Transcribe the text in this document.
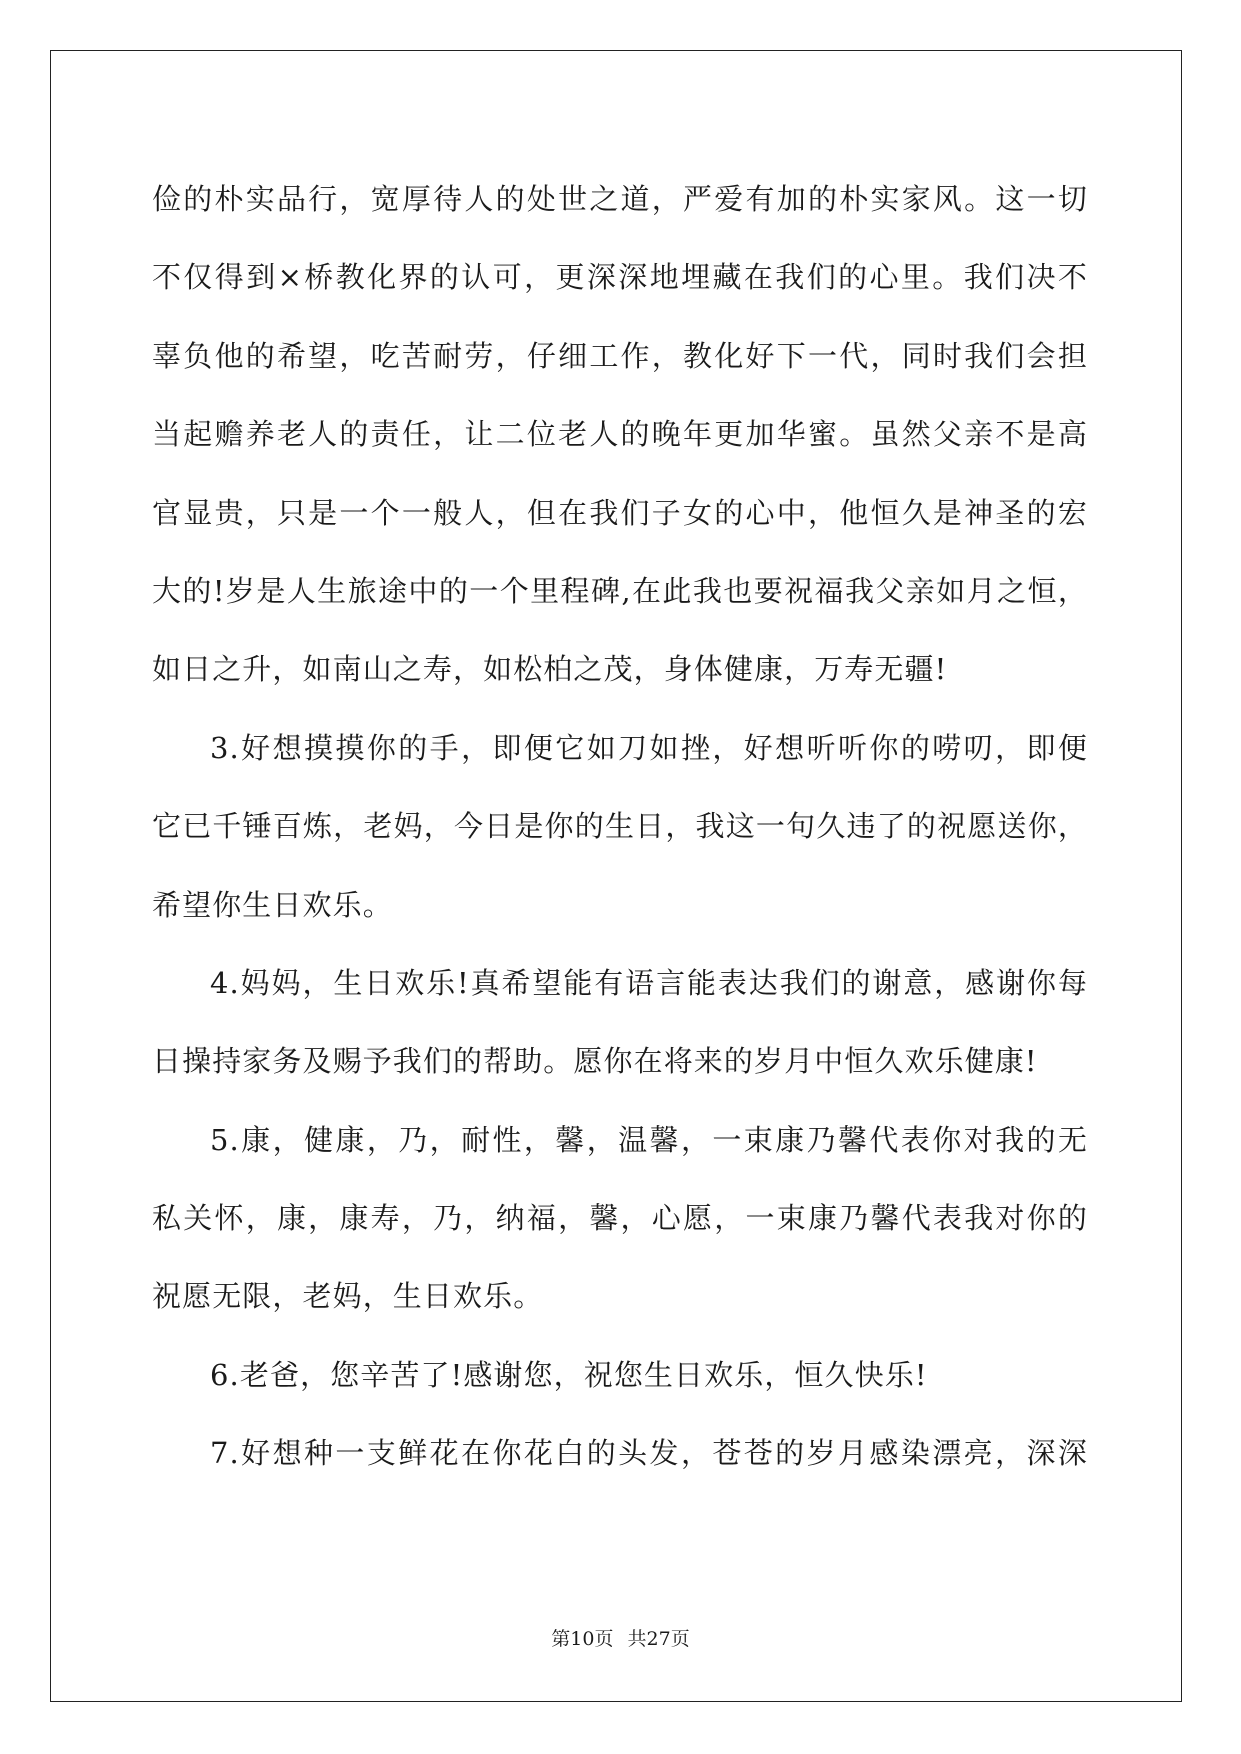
俭的朴实品行，宽厚待人的处世之道，严爱有加的朴实家风。这一切
不仅得到×桥教化界的认可，更深深地埋藏在我们的心里。我们决不
辜负他的希望，吃苦耐劳，仔细工作，教化好下一代，同时我们会担
当起赡养老人的责任，让二位老人的晚年更加华蜜。虽然父亲不是高
官显贵，只是一个一般人，但在我们子女的心中，他恒久是神圣的宏
大的!岁是人生旅途中的一个里程碑,在此我也要祝福我父亲如月之恒，
如日之升，如南山之寿，如松柏之茂，身体健康，万寿无疆!
3.好想摸摸你的手，即便它如刀如挫，好想听听你的唠叨，即便
它已千锤百炼，老妈，今日是你的生日，我这一句久违了的祝愿送你，
希望你生日欢乐。
4.妈妈，生日欢乐!真希望能有语言能表达我们的谢意，感谢你每
日操持家务及赐予我们的帮助。愿你在将来的岁月中恒久欢乐健康!
5.康，健康，乃，耐性，馨，温馨，一束康乃馨代表你对我的无
私关怀，康，康寿，乃，纳福，馨，心愿，一束康乃馨代表我对你的
祝愿无限，老妈，生日欢乐。
6.老爸，您辛苦了!感谢您，祝您生日欢乐，恒久快乐!
7.好想种一支鲜花在你花白的头发，苍苍的岁月感染漂亮，深深
第10页 共27页
